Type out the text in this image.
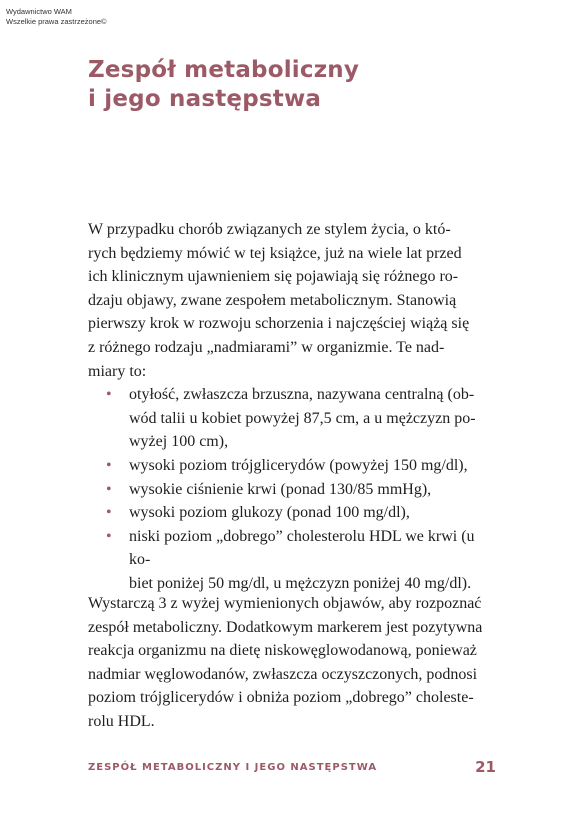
Wydawnictwo WAM
Wszelkie prawa zastrzeżone©
Zespół metaboliczny
i jego następstwa

W przypadku chorób związanych ze stylem życia, o któ-
rych będziemy mówić w tej książce, już na wiele lat przed
ich klinicznym ujawnieniem się pojawiają się różnego ro-
dzaju objawy, zwane zespołem metabolicznym. Stanowią
pierwszy krok w rozwoju schorzenia i najczęściej wiążą się
z różnego rodzaju „nadmiarami” w organizmie. Te nad-
miary to:

• otyłość, zwłaszcza brzuszna, nazywana centralną (ob-
wód talii u kobiet powyżej 87,5 cm, a u mężczyzn po-
wyżej 100 cm),
• wysoki poziom trójglicerydów (powyżej 150 mg/dl),
• wysokie ciśnienie krwi (ponad 130/85 mmHg),
• wysoki poziom glukozy (ponad 100 mg/dl),
• niski poziom „dobrego” cholesterolu HDL we krwi (u ko-
biet poniżej 50 mg/dl, u mężczyzn poniżej 40 mg/dl).

Wystarczą 3 z wyżej wymienionych objawów, aby rozpoznać
zespół metaboliczny. Dodatkowym markerem jest pozytywna
reakcja organizmu na dietę niskowęglowodanową, ponieważ
nadmiar węglowodanów, zwłaszcza oczyszczonych, podnosi
poziom trójglicerydów i obniża poziom „dobrego” choleste-
rolu HDL.

ZESPÓŁ METABOLICZNY I JEGO NASTĘPSTWA	21
